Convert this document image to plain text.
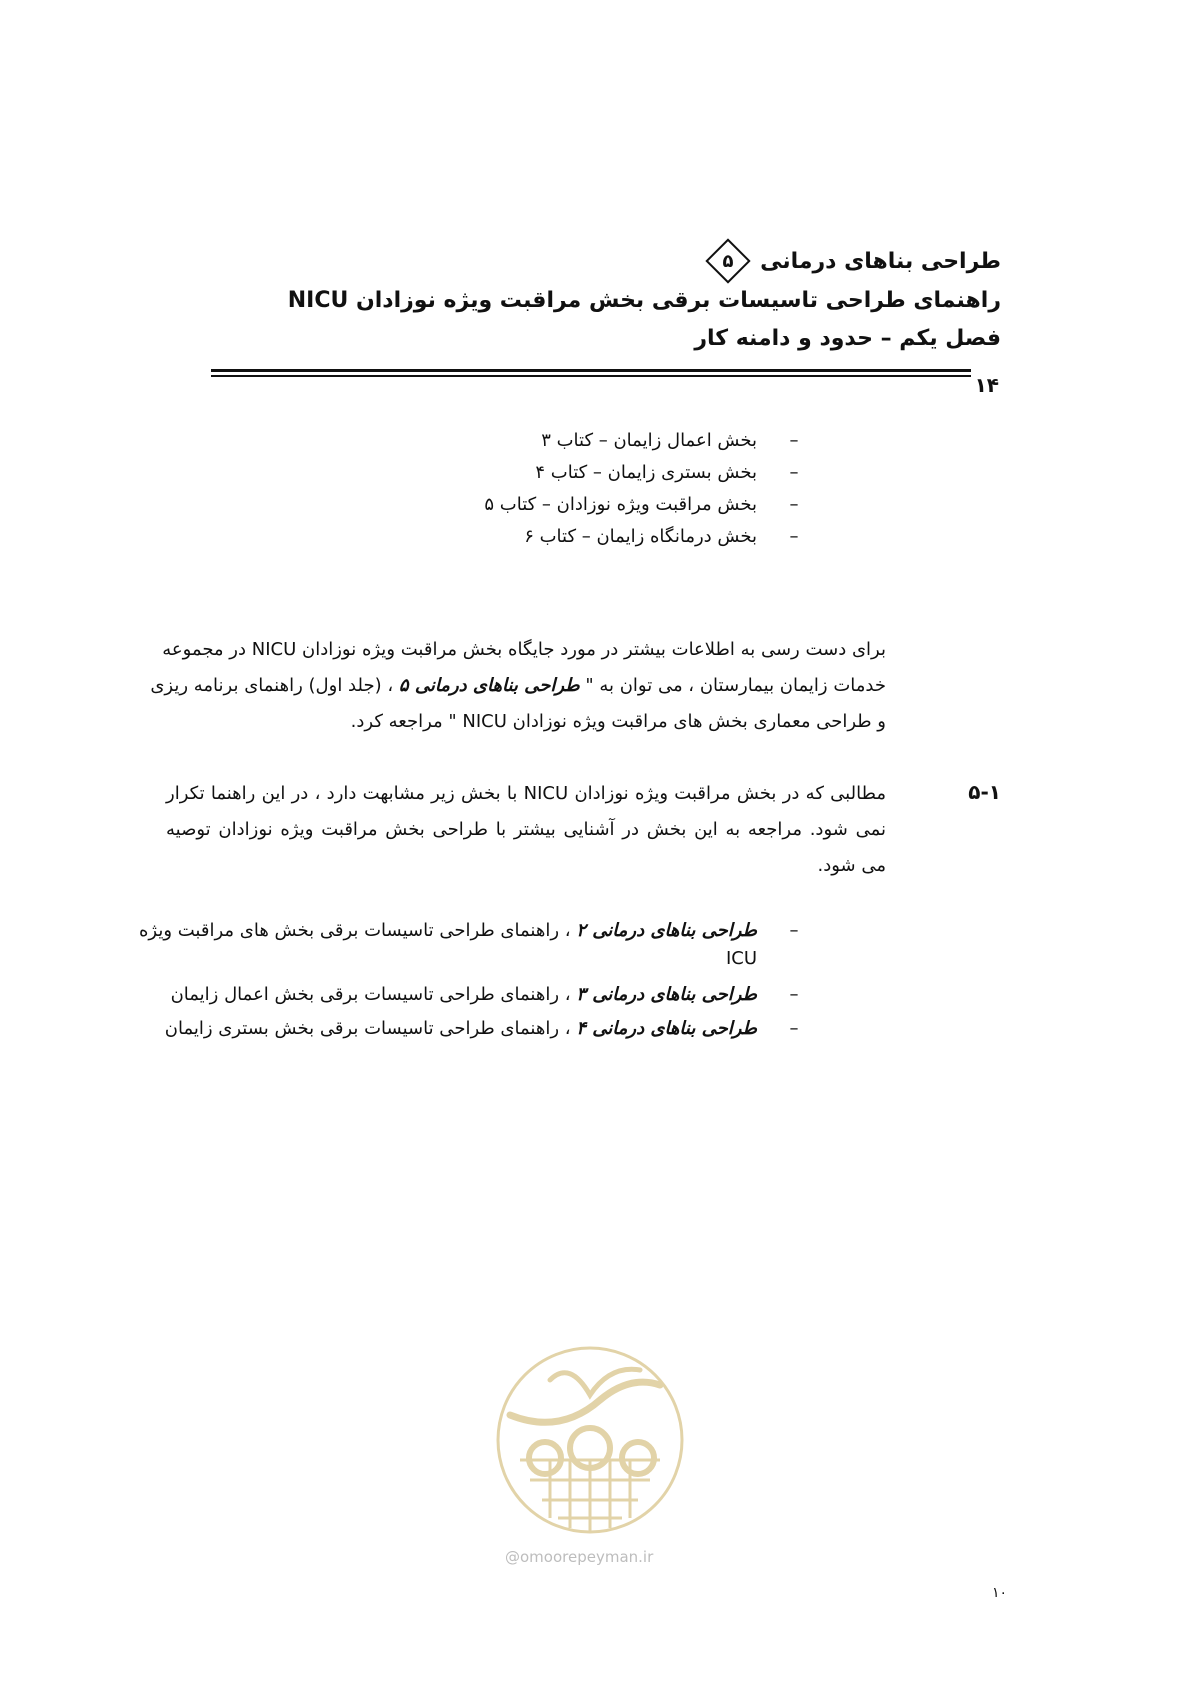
طراحی بناهای درمانی
۵
راهنمای طراحی تاسیسات برقی بخش مراقبت ویژه نوزادان NICU
فصل یکم – حدود و دامنه کار
۱۴
–
بخش اعمال زایمان – کتاب ۳
–
بخش بستری زایمان – کتاب ۴
–
بخش مراقبت ویژه نوزادان – کتاب ۵
–
بخش درمانگاه زایمان – کتاب ۶
برای دست رسی به اطلاعات بیشتر در مورد جایگاه بخش مراقبت ویژه نوزادان NICU در مجموعه
خدمات زایمان بیمارستان ، می توان به " طراحی بناهای درمانی ۵ ، (جلد اول) راهنمای برنامه ریزی
و طراحی معماری بخش های مراقبت ویژه نوزادان NICU " مراجعه کرد.
۵-۱
مطالبی که در بخش مراقبت ویژه نوزادان NICU با بخش زیر مشابهت دارد ، در این راهنما تکرار
نمی شود. مراجعه به این بخش در آشنایی بیشتر با طراحی بخش مراقبت ویژه نوزادان توصیه
می شود.
–
طراحی بناهای درمانی ۲ ، راهنمای طراحی تاسیسات برقی بخش های مراقبت ویژه
ICU
–
طراحی بناهای درمانی ۳ ، راهنمای طراحی تاسیسات برقی بخش اعمال زایمان
–
طراحی بناهای درمانی ۴ ، راهنمای طراحی تاسیسات برقی بخش بستری زایمان
@omoorepeyman.ir
۱۰
